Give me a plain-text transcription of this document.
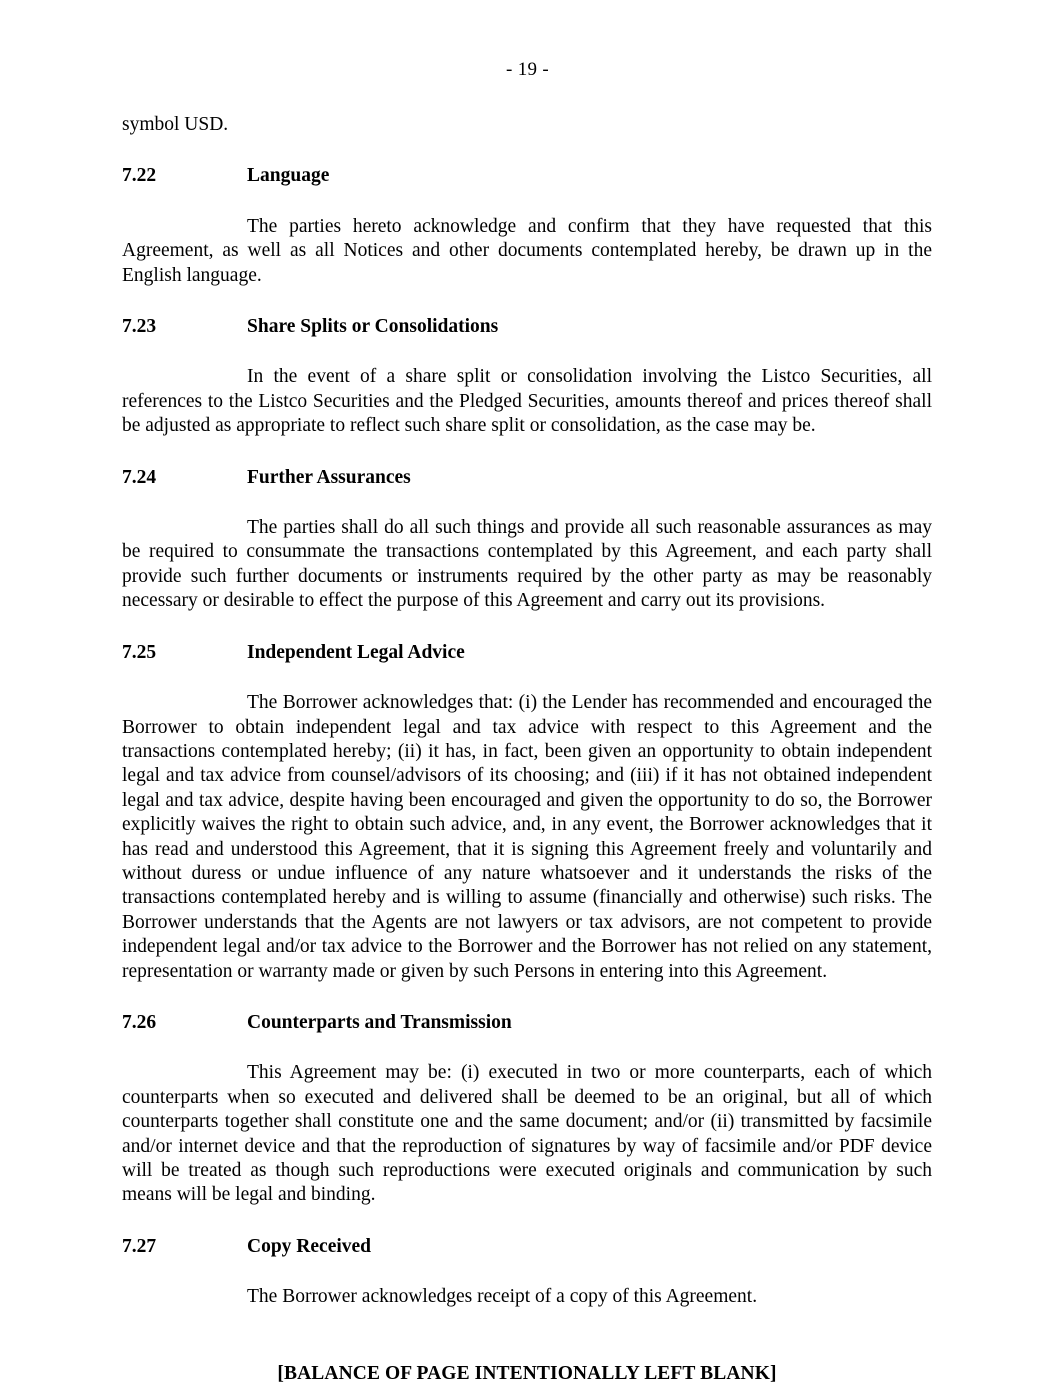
- 19 -

symbol USD.

7.22	Language

The parties hereto acknowledge and confirm that they have requested that this Agreement, as well as all Notices and other documents contemplated hereby, be drawn up in the English language.

7.23	Share Splits or Consolidations

In the event of a share split or consolidation involving the Listco Securities, all references to the Listco Securities and the Pledged Securities, amounts thereof and prices thereof shall be adjusted as appropriate to reflect such share split or consolidation, as the case may be.

7.24	Further Assurances

The parties shall do all such things and provide all such reasonable assurances as may be required to consummate the transactions contemplated by this Agreement, and each party shall provide such further documents or instruments required by the other party as may be reasonably necessary or desirable to effect the purpose of this Agreement and carry out its provisions.

7.25	Independent Legal Advice

The Borrower acknowledges that: (i) the Lender has recommended and encouraged the Borrower to obtain independent legal and tax advice with respect to this Agreement and the transactions contemplated hereby; (ii) it has, in fact, been given an opportunity to obtain independent legal and tax advice from counsel/advisors of its choosing; and (iii) if it has not obtained independent legal and tax advice, despite having been encouraged and given the opportunity to do so, the Borrower explicitly waives the right to obtain such advice, and, in any event, the Borrower acknowledges that it has read and understood this Agreement, that it is signing this Agreement freely and voluntarily and without duress or undue influence of any nature whatsoever and it understands the risks of the transactions contemplated hereby and is willing to assume (financially and otherwise) such risks. The Borrower understands that the Agents are not lawyers or tax advisors, are not competent to provide independent legal and/or tax advice to the Borrower and the Borrower has not relied on any statement, representation or warranty made or given by such Persons in entering into this Agreement.

7.26	Counterparts and Transmission

This Agreement may be: (i) executed in two or more counterparts, each of which counterparts when so executed and delivered shall be deemed to be an original, but all of which counterparts together shall constitute one and the same document; and/or (ii) transmitted by facsimile and/or internet device and that the reproduction of signatures by way of facsimile and/or PDF device will be treated as though such reproductions were executed originals and communication by such means will be legal and binding.

7.27	Copy Received

The Borrower acknowledges receipt of a copy of this Agreement.

[BALANCE OF PAGE INTENTIONALLY LEFT BLANK]
